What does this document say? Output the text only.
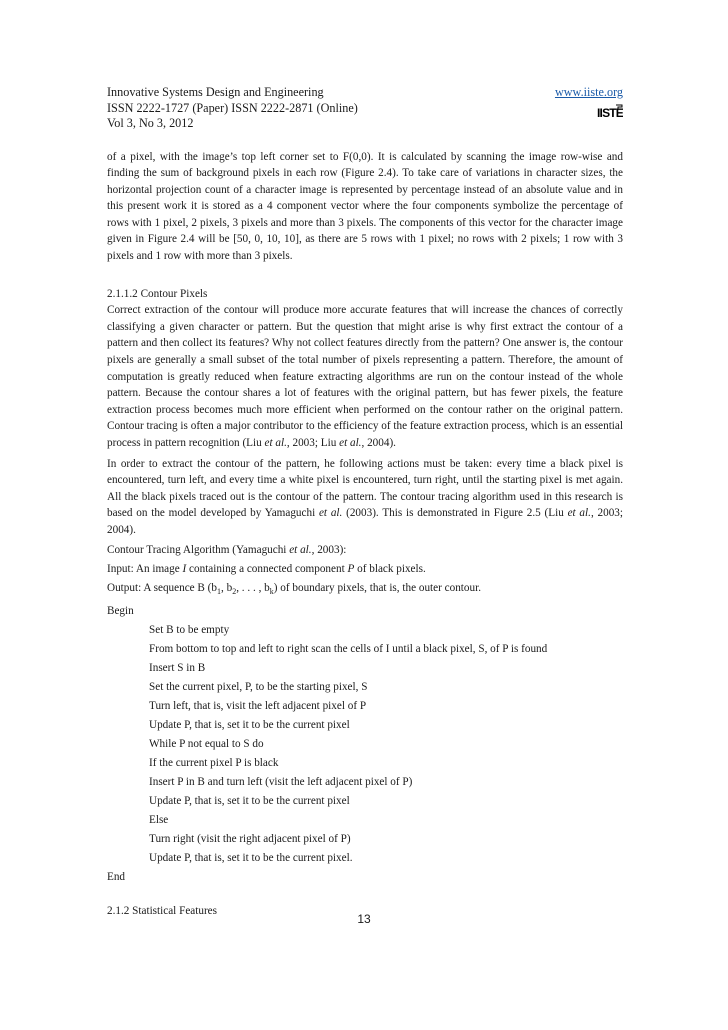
Innovative Systems Design and Engineering	www.iiste.org
ISSN 2222-1727 (Paper) ISSN 2222-2871 (Online)
Vol 3, No 3, 2012
IISTE

of a pixel, with the image’s top left corner set to F(0,0). It is calculated by scanning the image row-wise and finding the sum of background pixels in each row (Figure 2.4). To take care of variations in character sizes, the horizontal projection count of a character image is represented by percentage instead of an absolute value and in this present work it is stored as a 4 component vector where the four components symbolize the percentage of rows with 1 pixel, 2 pixels, 3 pixels and more than 3 pixels. The components of this vector for the character image given in Figure 2.4 will be [50, 0, 10, 10], as there are 5 rows with 1 pixel; no rows with 2 pixels; 1 row with 3 pixels and 1 row with more than 3 pixels.

2.1.1.2 Contour Pixels

Correct extraction of the contour will produce more accurate features that will increase the chances of correctly classifying a given character or pattern. But the question that might arise is why first extract the contour of a pattern and then collect its features? Why not collect features directly from the pattern? One answer is, the contour pixels are generally a small subset of the total number of pixels representing a pattern. Therefore, the amount of computation is greatly reduced when feature extracting algorithms are run on the contour instead of the whole pattern. Because the contour shares a lot of features with the original pattern, but has fewer pixels, the feature extraction process becomes much more efficient when performed on the contour rather on the original pattern. Contour tracing is often a major contributor to the efficiency of the feature extraction process, which is an essential process in pattern recognition (Liu et al., 2003; Liu et al., 2004).

In order to extract the contour of the pattern, he following actions must be taken: every time a black pixel is encountered, turn left, and every time a white pixel is encountered, turn right, until the starting pixel is met again. All the black pixels traced out is the contour of the pattern. The contour tracing algorithm used in this research is based on the model developed by Yamaguchi et al. (2003). This is demonstrated in Figure 2.5 (Liu et al., 2003; 2004).

Contour Tracing Algorithm (Yamaguchi et al., 2003):
Input: An image I containing a connected component P of black pixels.
Output: A sequence B ($b_1$, $b_2$, . . . , $b_k$) of boundary pixels, that is, the outer contour.
Begin
Set B to be empty
From bottom to top and left to right scan the cells of I until a black pixel, S, of P is found
Insert S in B
Set the current pixel, P, to be the starting pixel, S
Turn left, that is, visit the left adjacent pixel of P
Update P, that is, set it to be the current pixel
While P not equal to S do
If the current pixel P is black
Insert P in B and turn left (visit the left adjacent pixel of P)
Update P, that is, set it to be the current pixel
Else
Turn right (visit the right adjacent pixel of P)
Update P, that is, set it to be the current pixel.
End
2.1.2 Statistical Features
13
